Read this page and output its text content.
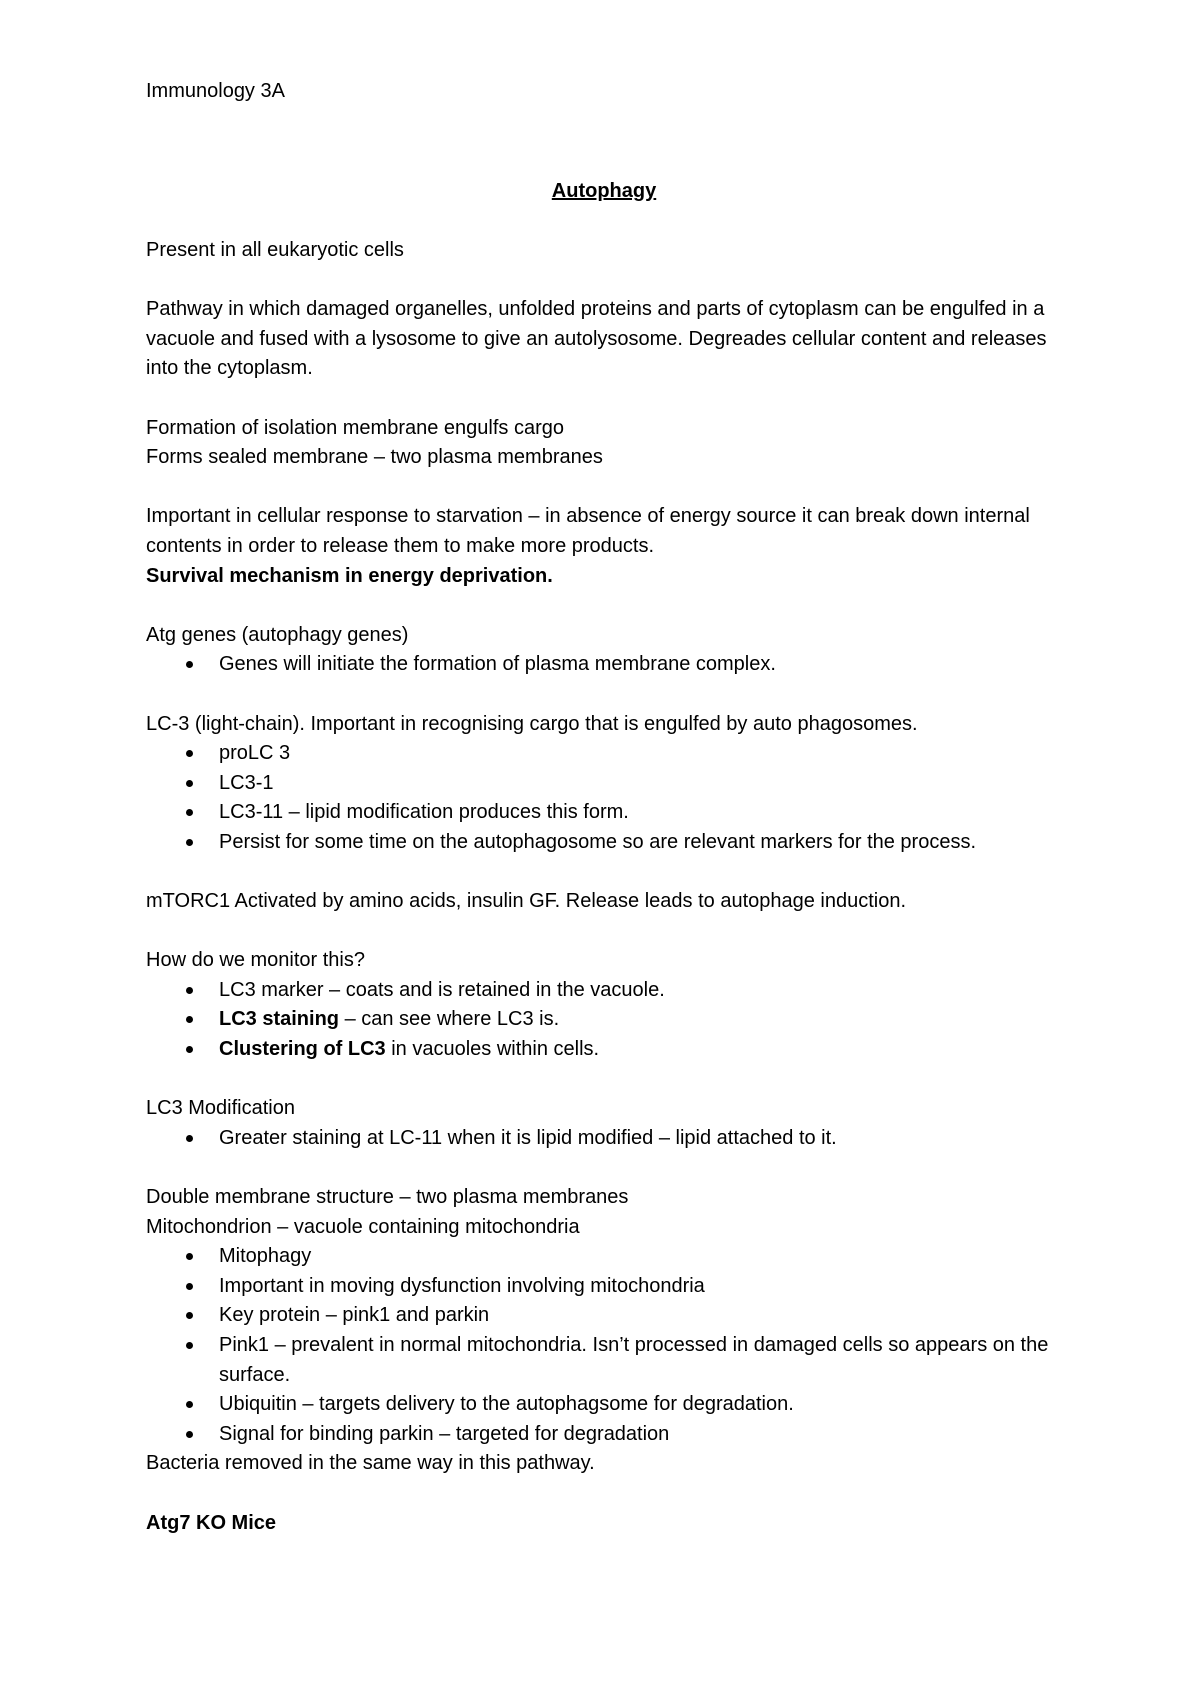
Immunology 3A

Autophagy

Present in all eukaryotic cells

Pathway in which damaged organelles, unfolded proteins and parts of cytoplasm can be engulfed in a vacuole and fused with a lysosome to give an autolysosome. Degreades cellular content and releases into the cytoplasm.

Formation of isolation membrane engulfs cargo

Forms sealed membrane – two plasma membranes

Important in cellular response to starvation – in absence of energy source it can break down internal contents in order to release them to make more products.

Survival mechanism in energy deprivation.

Atg genes (autophagy genes)

Genes will initiate the formation of plasma membrane complex.

LC-3 (light-chain). Important in recognising cargo that is engulfed by auto phagosomes.

proLC 3
LC3-1
LC3-11 – lipid modification produces this form.
Persist for some time on the autophagosome so are relevant markers for the process.

mTORC1 Activated by amino acids, insulin GF. Release leads to autophage induction.

How do we monitor this?

LC3 marker – coats and is retained in the vacuole.
LC3 staining – can see where LC3 is.
Clustering of LC3 in vacuoles within cells.

LC3 Modification

Greater staining at LC-11 when it is lipid modified – lipid attached to it.

Double membrane structure – two plasma membranes

Mitochondrion – vacuole containing mitochondria

Mitophagy
Important in moving dysfunction involving mitochondria
Key protein – pink1 and parkin
Pink1 – prevalent in normal mitochondria. Isn’t processed in damaged cells so appears on the surface.
Ubiquitin – targets delivery to the autophagsome for degradation.
Signal for binding parkin – targeted for degradation

Bacteria removed in the same way in this pathway.

Atg7 KO Mice
